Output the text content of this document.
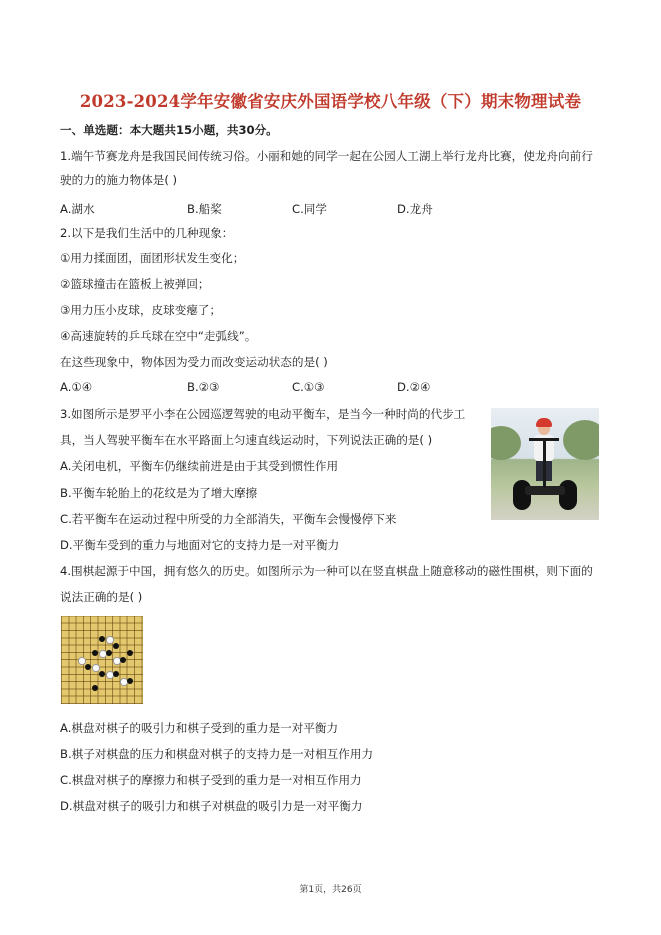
2023-2024学年安徽省安庆外国语学校八年级（下）期末物理试卷
一、单选题：本大题共15小题，共30分。
1.端午节赛龙舟是我国民间传统习俗。小丽和她的同学一起在公园人工湖上举行龙舟比赛，使龙舟向前行
驶的力的施力物体是( )
A.湖水	B.船桨	C.同学	D.龙舟
2.以下是我们生活中的几种现象：
①用力揉面团，面团形状发生变化；
②篮球撞击在篮板上被弹回；
③用力压小皮球，皮球变瘪了；
④高速旋转的乒乓球在空中“走弧线”。
在这些现象中，物体因为受力而改变运动状态的是( )
A.①④	B.②③	C.①③	D.②④
3.如图所示是罗平小李在公园巡逻驾驶的电动平衡车，是当今一种时尚的代步工
具，当人驾驶平衡车在水平路面上匀速直线运动时，下列说法正确的是( )
A.关闭电机，平衡车仍继续前进是由于其受到惯性作用
B.平衡车轮胎上的花纹是为了增大摩擦
C.若平衡车在运动过程中所受的力全部消失，平衡车会慢慢停下来
D.平衡车受到的重力与地面对它的支持力是一对平衡力
4.围棋起源于中国，拥有悠久的历史。如图所示为一种可以在竖直棋盘上随意移动的磁性围棋，则下面的
说法正确的是( )
A.棋盘对棋子的吸引力和棋子受到的重力是一对平衡力
B.棋子对棋盘的压力和棋盘对棋子的支持力是一对相互作用力
C.棋盘对棋子的摩擦力和棋子受到的重力是一对相互作用力
D.棋盘对棋子的吸引力和棋子对棋盘的吸引力是一对平衡力
第1页，共26页
